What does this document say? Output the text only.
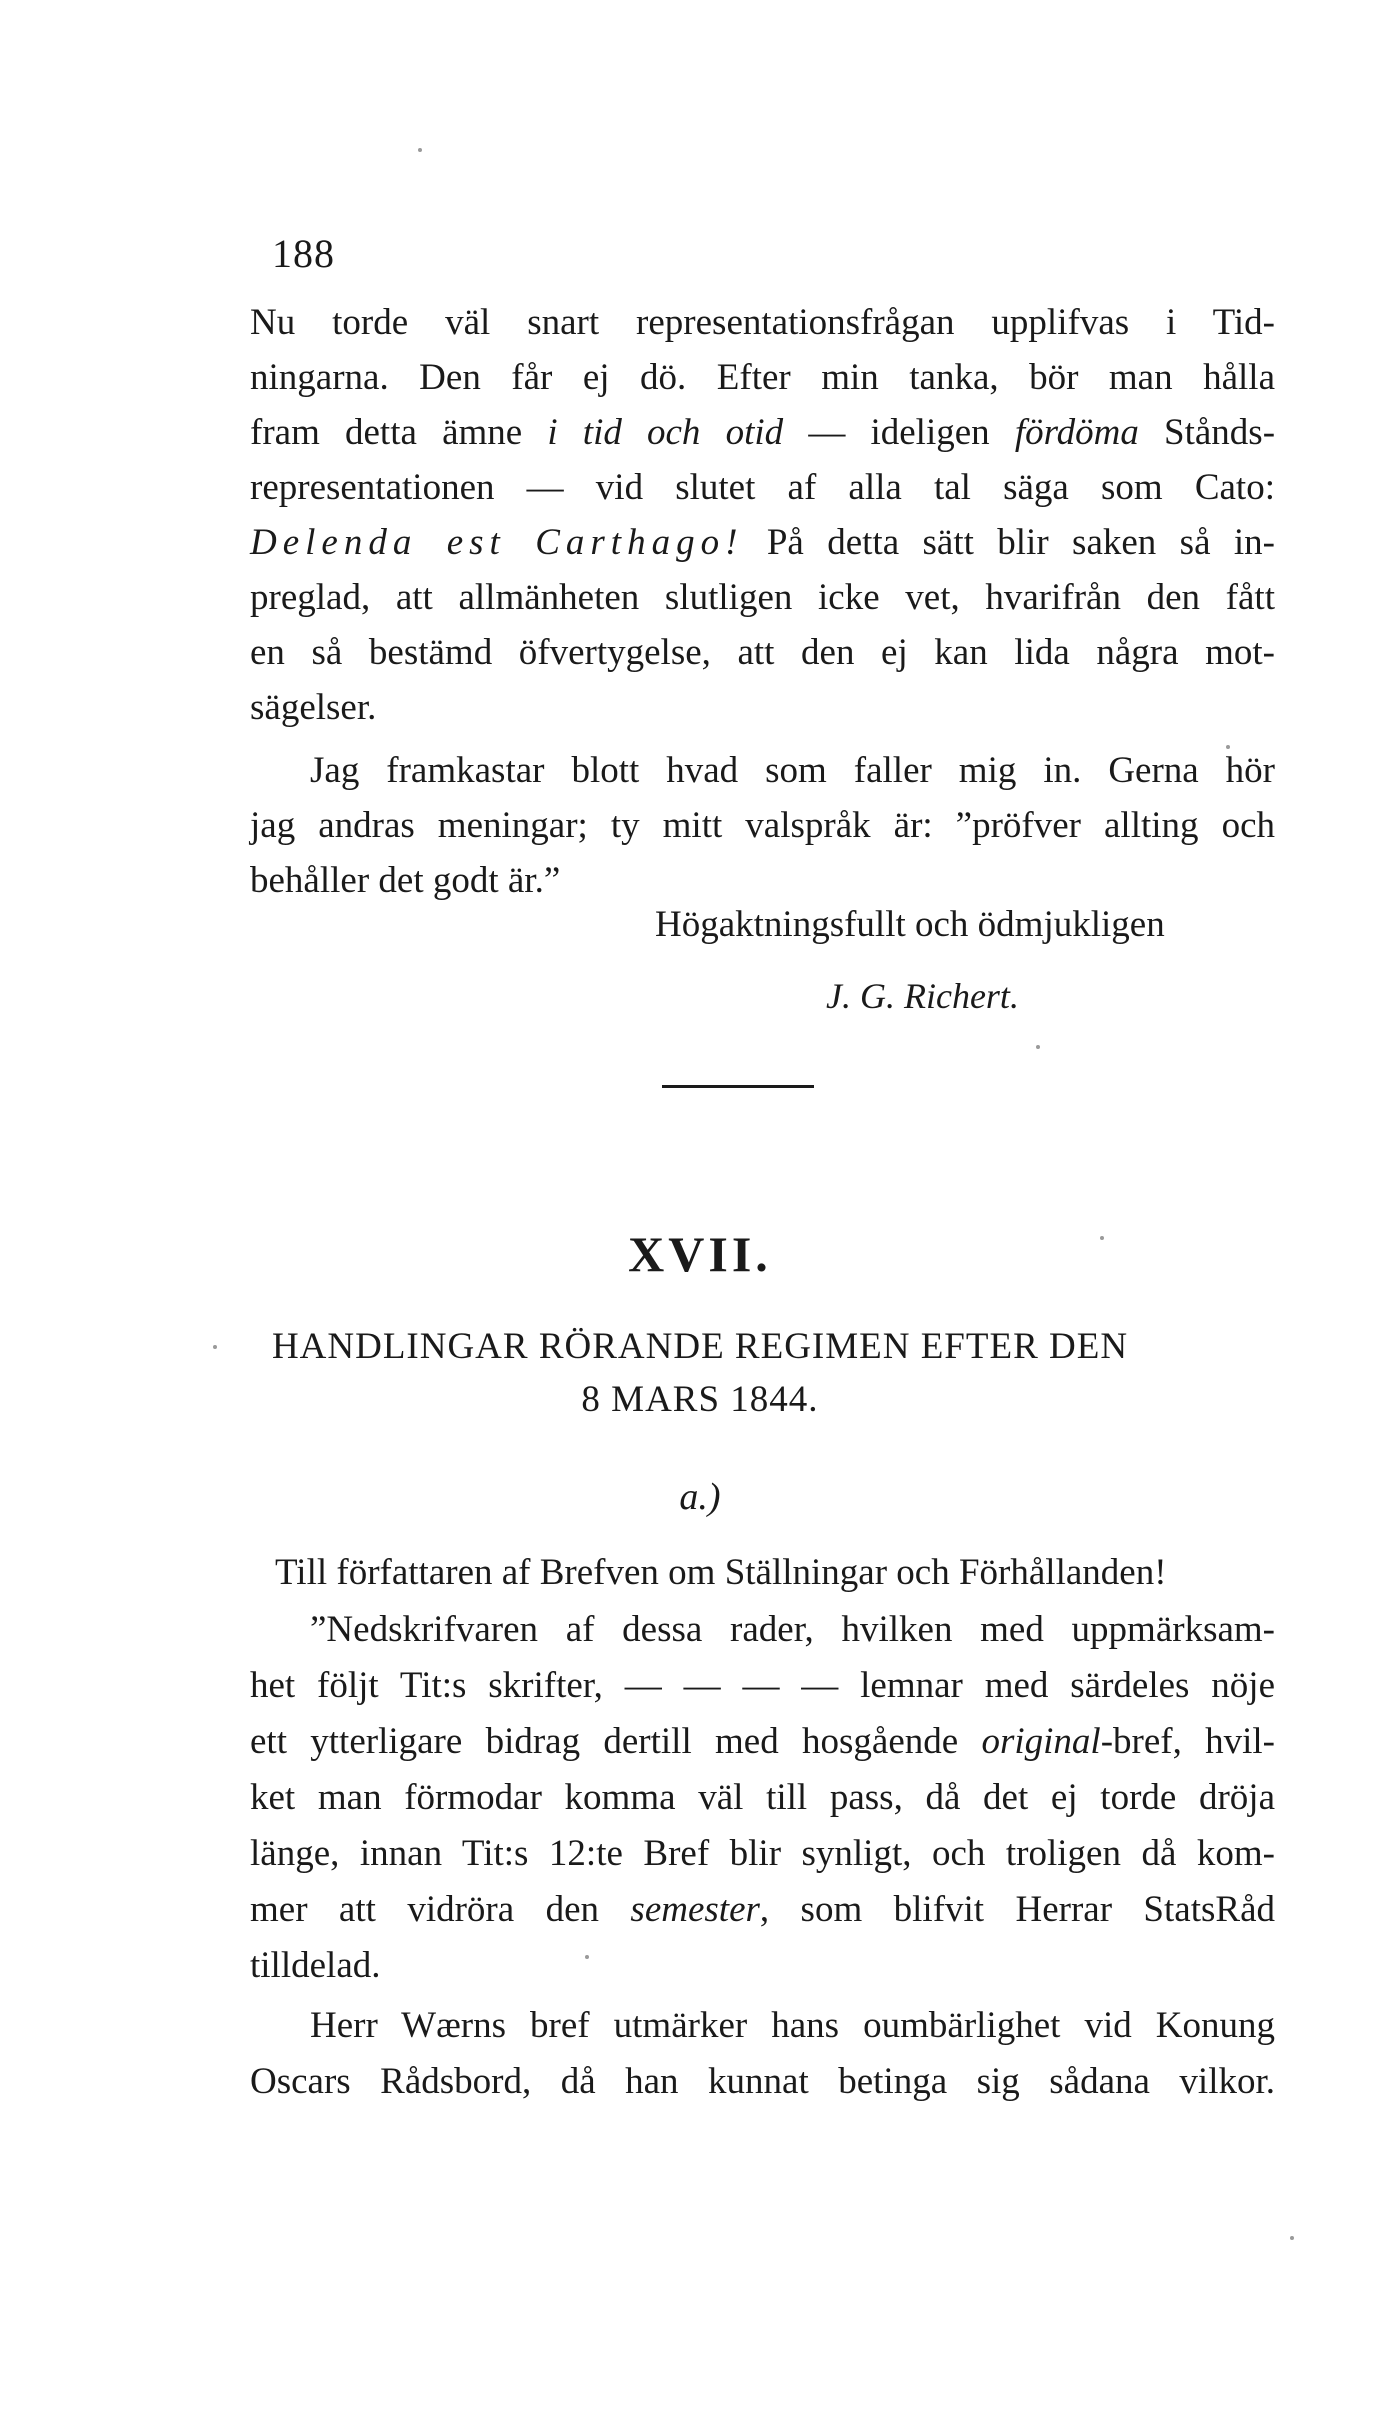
188
Nu torde väl snart representationsfrågan upplifvas i Tid-
ningarna. Den får ej dö. Efter min tanka, bör man hålla
fram detta ämne i tid och otid — ideligen fördöma Stånds-
representationen — vid slutet af alla tal säga som Cato:
Delenda est Carthago! På detta sätt blir saken så in-
preglad, att allmänheten slutligen icke vet, hvarifrån den fått
en så bestämd öfvertygelse, att den ej kan lida några mot-
sägelser.
Jag framkastar blott hvad som faller mig in. Gerna hör
jag andras meningar; ty mitt valspråk är: ”pröfver allting och
behåller det godt är.”
Högaktningsfullt och ödmjukligen
J. G. Richert.
XVII.
HANDLINGAR RÖRANDE REGIMEN EFTER DEN
8 MARS 1844.
a.)
Till författaren af Brefven om Ställningar och Förhållanden!
”Nedskrifvaren af dessa rader, hvilken med uppmärksam-
het följt Tit:s skrifter, — — — — lemnar med särdeles nöje
ett ytterligare bidrag dertill med hosgående original-bref, hvil-
ket man förmodar komma väl till pass, då det ej torde dröja
länge, innan Tit:s 12:te Bref blir synligt, och troligen då kom-
mer att vidröra den semester, som blifvit Herrar StatsRåd
tilldelad.
Herr Wærns bref utmärker hans oumbärlighet vid Konung
Oscars Rådsbord, då han kunnat betinga sig sådana vilkor.
